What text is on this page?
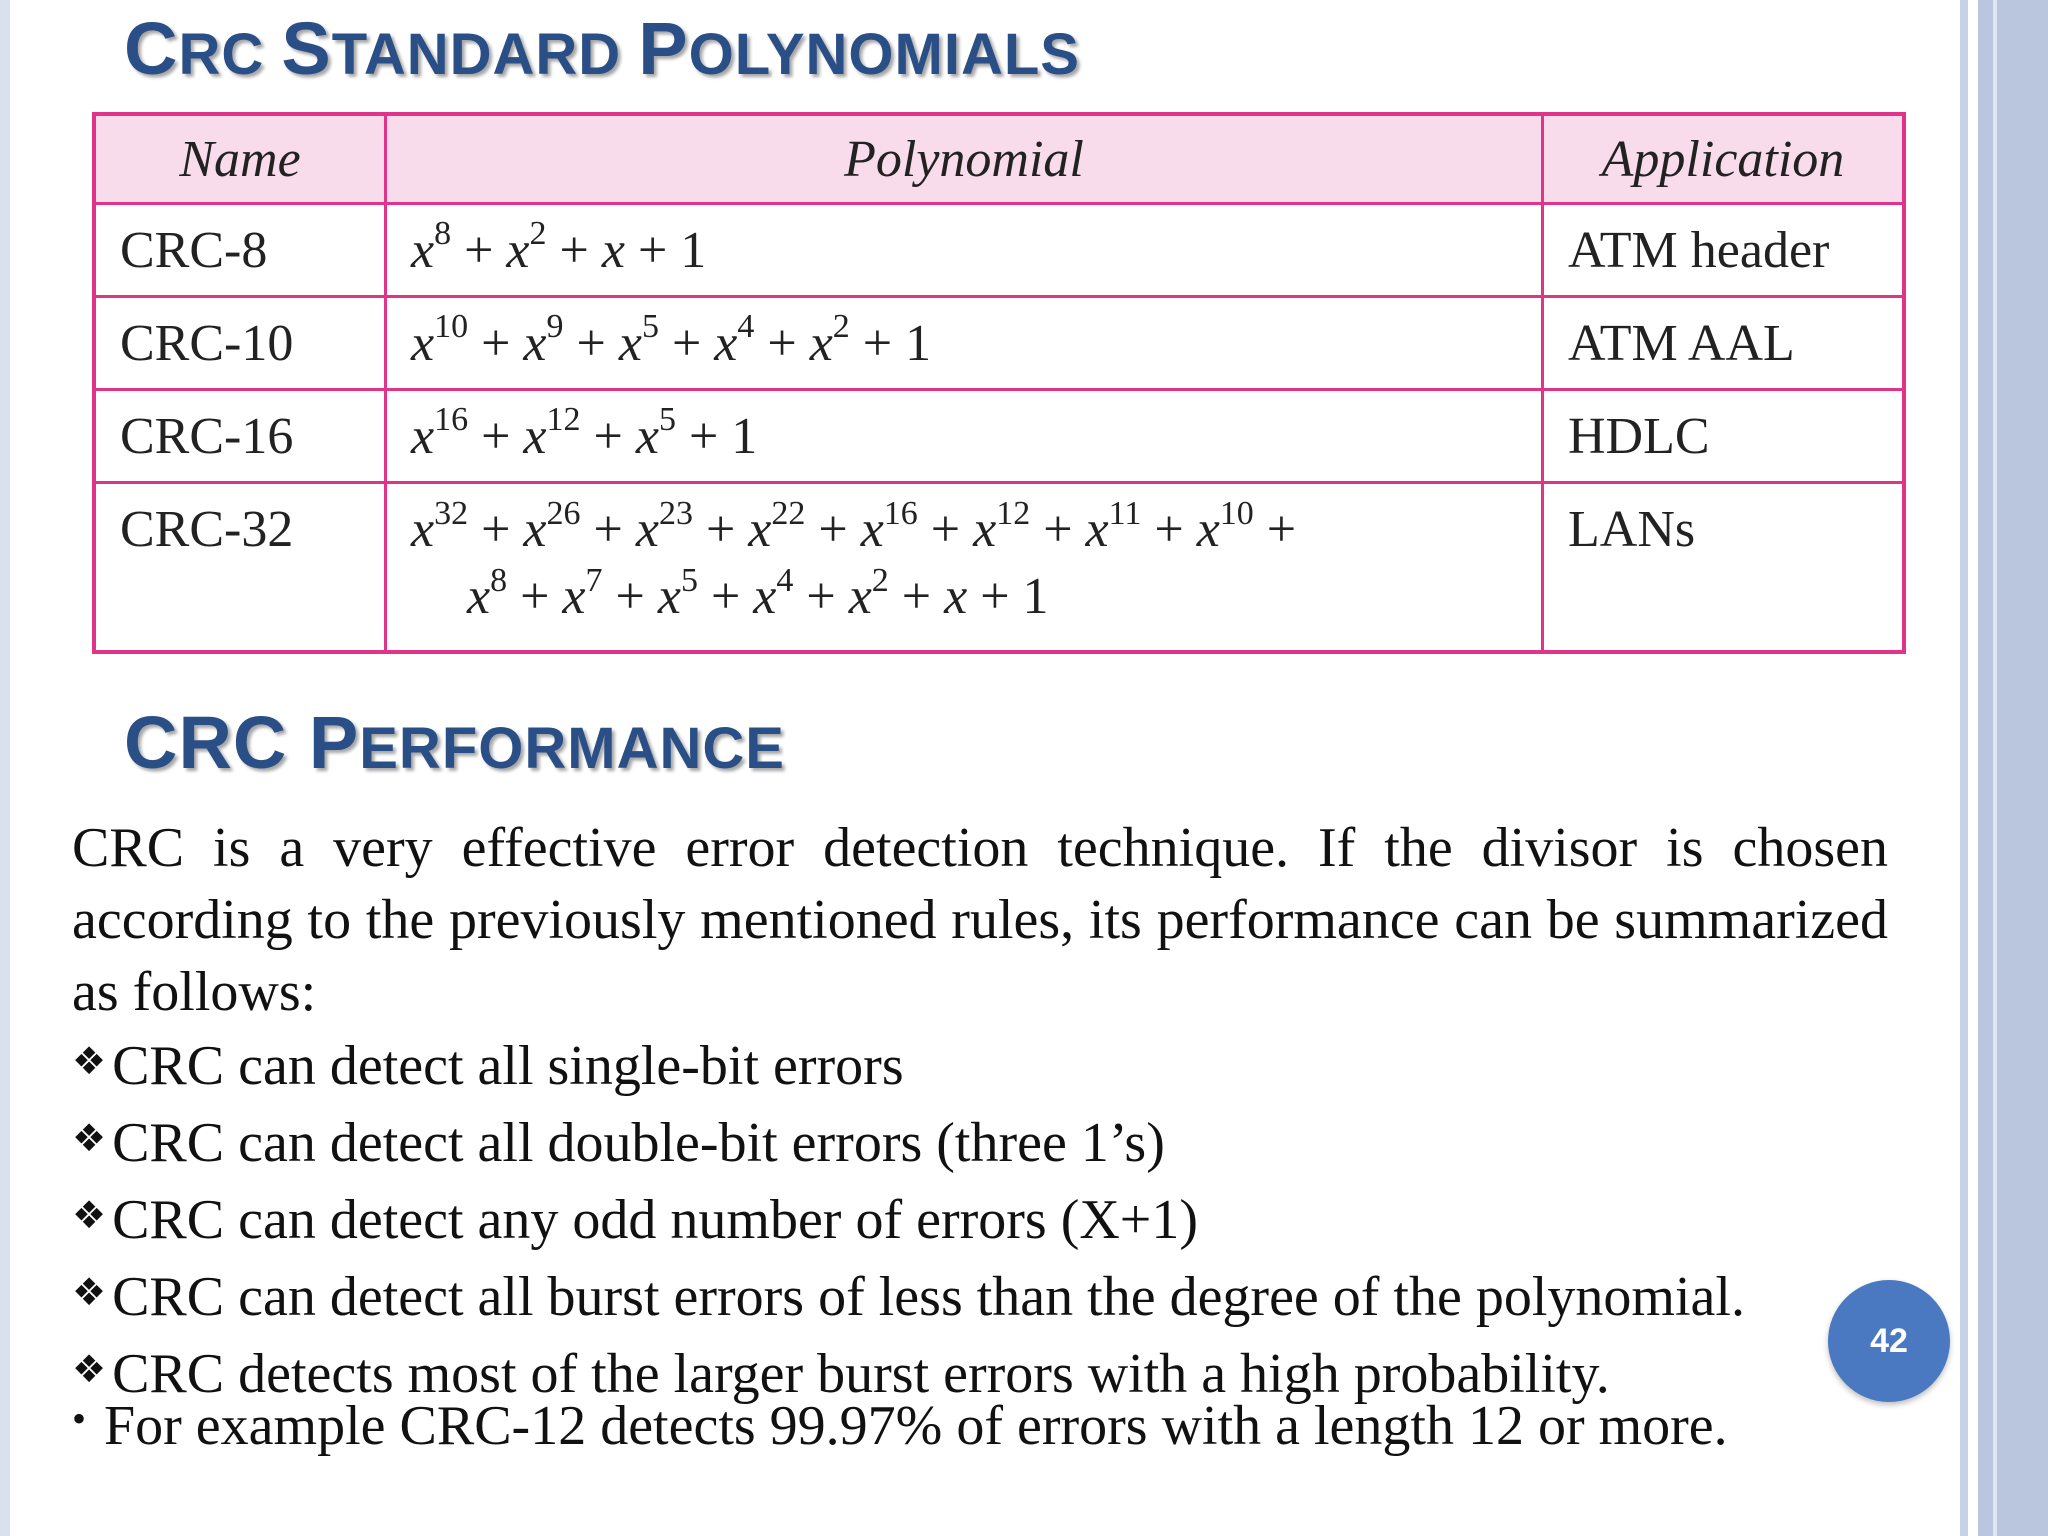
CRC STANDARD POLYNOMIALS
Name	Polynomial	Application
CRC-8	$x^8 + x^2 + x + 1$	ATM header
CRC-10	$x^{10} + x^9 + x^5 + x^4 + x^2 + 1$	ATM AAL
CRC-16	$x^{16} + x^{12} + x^5 + 1$	HDLC
CRC-32	$x^{32} + x^{26} + x^{23} + x^{22} + x^{16} + x^{12} + x^{11} + x^{10}$ +
$x^8 + x^7 + x^5 + x^4 + x^2 + x + 1$	LANs
CRC PERFORMANCE

CRC is a very effective error detection technique. If the divisor is chosen according to the previously mentioned rules, its performance can be summarized as follows:

❖ CRC can detect all single-bit errors
❖ CRC can detect all double-bit errors (three 1’s)
❖ CRC can detect any odd number of errors (X+1)
❖ CRC can detect all burst errors of less than the degree of the polynomial.
❖ CRC detects most of the larger burst errors with a high probability.
• For example CRC-12 detects 99.97% of errors with a length 12 or more.
42
